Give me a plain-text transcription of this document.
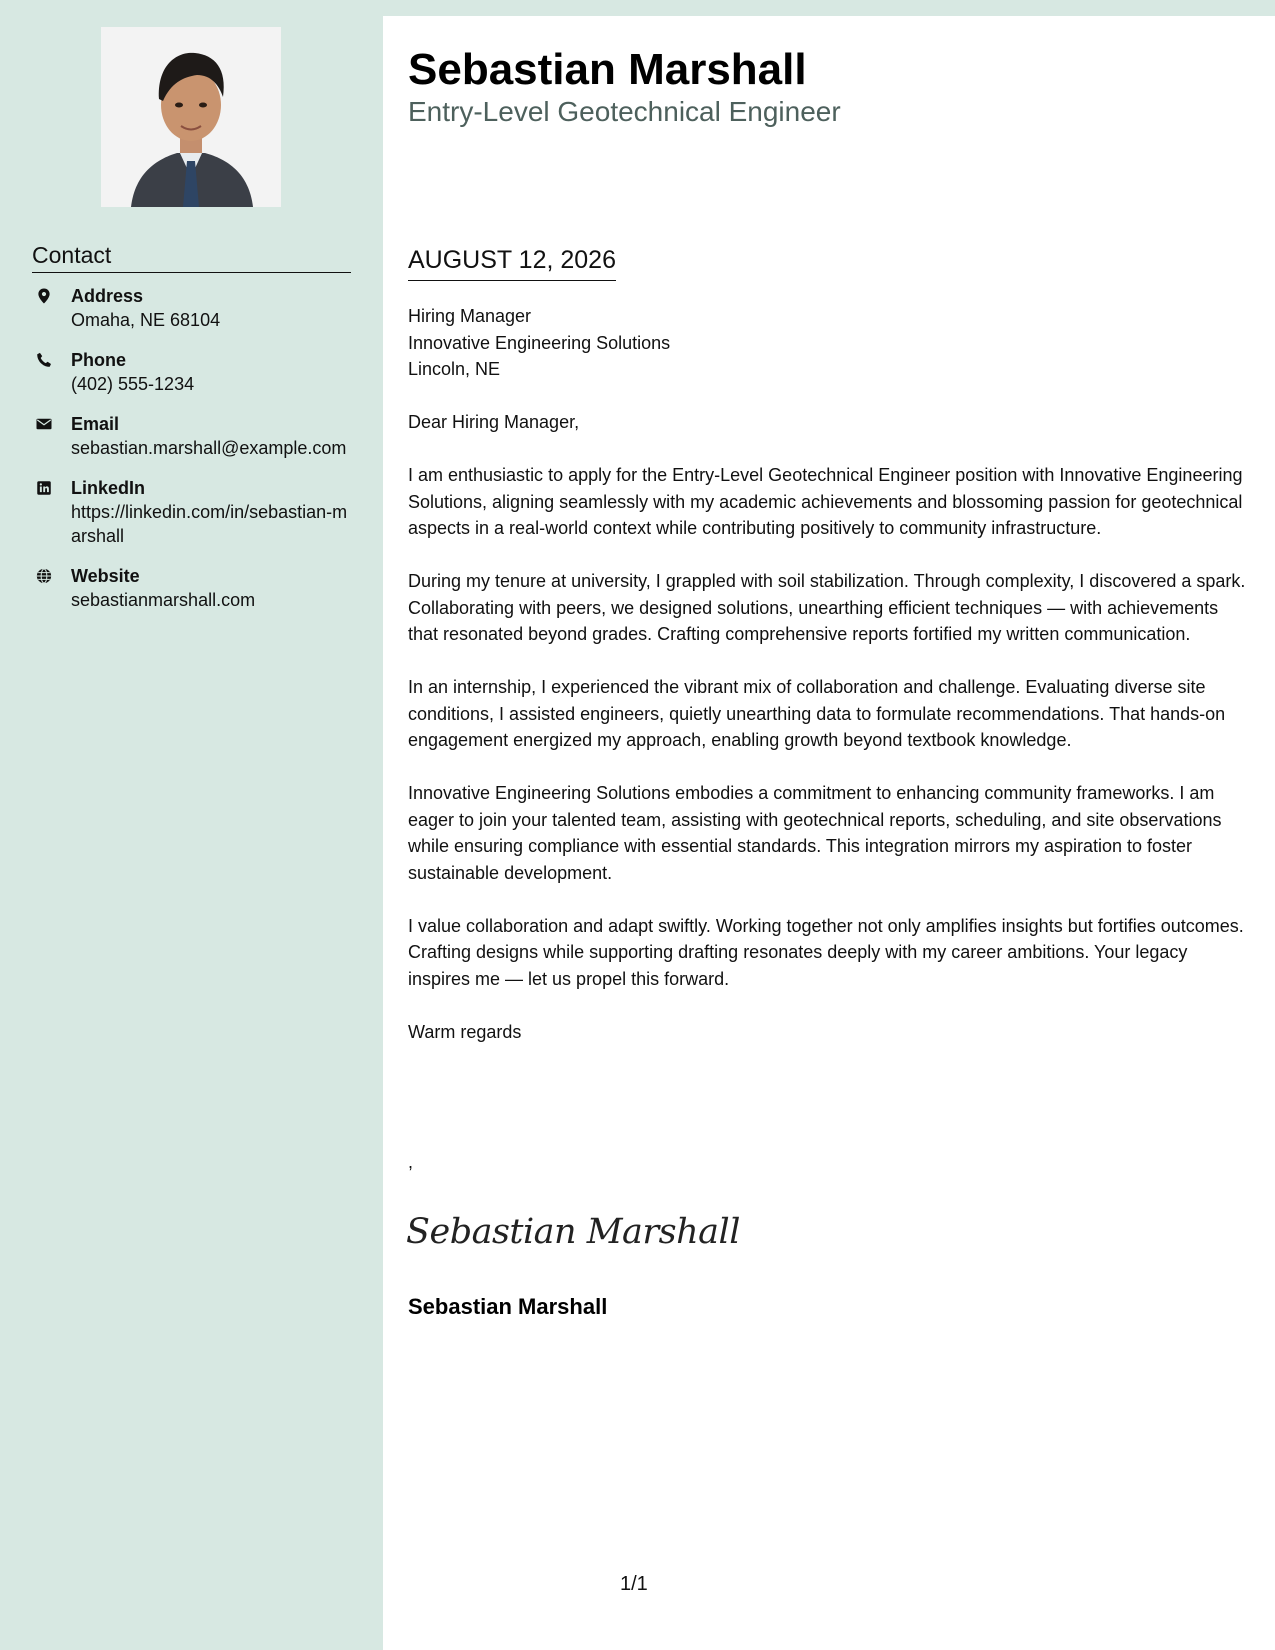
Contact
Address
Omaha, NE 68104
Phone
(402) 555-1234
Email
sebastian.marshall@example.com
LinkedIn
https://linkedin.com/in/sebastian-marshall
Website
sebastianmarshall.com
Sebastian Marshall
Entry-Level Geotechnical Engineer
AUGUST 12, 2026

Hiring Manager
Innovative Engineering Solutions
Lincoln, NE

Dear Hiring Manager,

I am enthusiastic to apply for the Entry-Level Geotechnical Engineer position with Innovative Engineering Solutions, aligning seamlessly with my academic achievements and blossoming passion for geotechnical aspects in a real-world context while contributing positively to community infrastructure.

During my tenure at university, I grappled with soil stabilization. Through complexity, I discovered a spark. Collaborating with peers, we designed solutions, unearthing efficient techniques — with achievements that resonated beyond grades. Crafting comprehensive reports fortified my written communication.

In an internship, I experienced the vibrant mix of collaboration and challenge. Evaluating diverse site conditions, I assisted engineers, quietly unearthing data to formulate recommendations. That hands-on engagement energized my approach, enabling growth beyond textbook knowledge.

Innovative Engineering Solutions embodies a commitment to enhancing community frameworks. I am eager to join your talented team, assisting with geotechnical reports, scheduling, and site observations while ensuring compliance with essential standards. This integration mirrors my aspiration to foster sustainable development.

I value collaboration and adapt swiftly. Working together not only amplifies insights but fortifies outcomes. Crafting designs while supporting drafting resonates deeply with my career ambitions. Your legacy inspires me — let us propel this forward.

Warm regards

,
Sebastian Marshall
Sebastian Marshall
1/1
